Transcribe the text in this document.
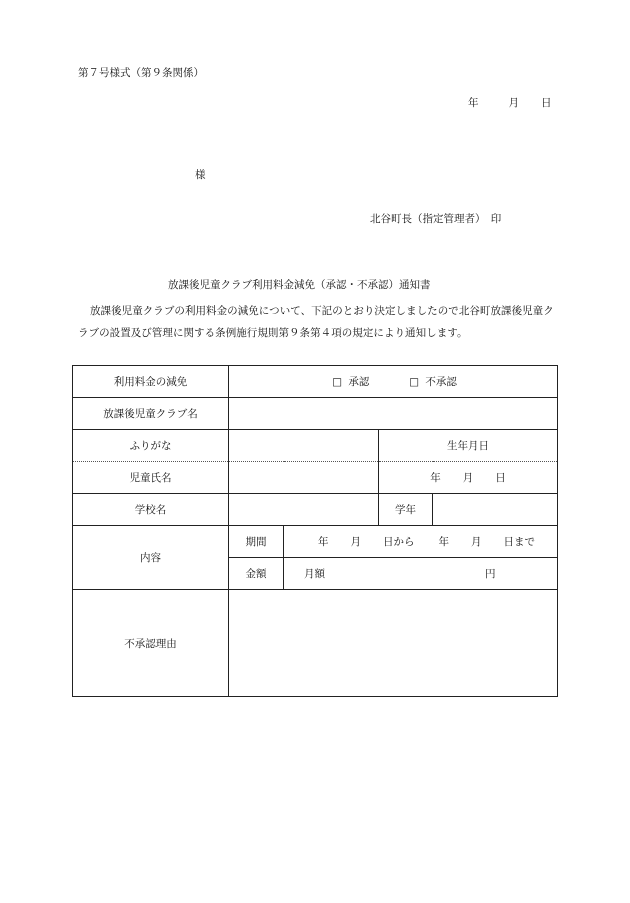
第７号様式（第９条関係）
年	月 日
様
北谷町長（指定管理者）　印
放課後児童クラブ利用料金減免（承認・不承認）通知書
放課後児童クラブの利用料金の減免について、下記のとおり決定しましたので北谷町放課後児童クラブの設置及び管理に関する条例施行規則第９条第４項の規定により通知します。
利用料金の減免	□ 承認 □ 不承認			
放課後児童クラブ名				
ふりがな			生年月日	
児童氏名			年 月 日	
学校名			学年	
内容	期間	年 月 日から 年 月 日まで		
	金額	月額 円		
不承認理由				
